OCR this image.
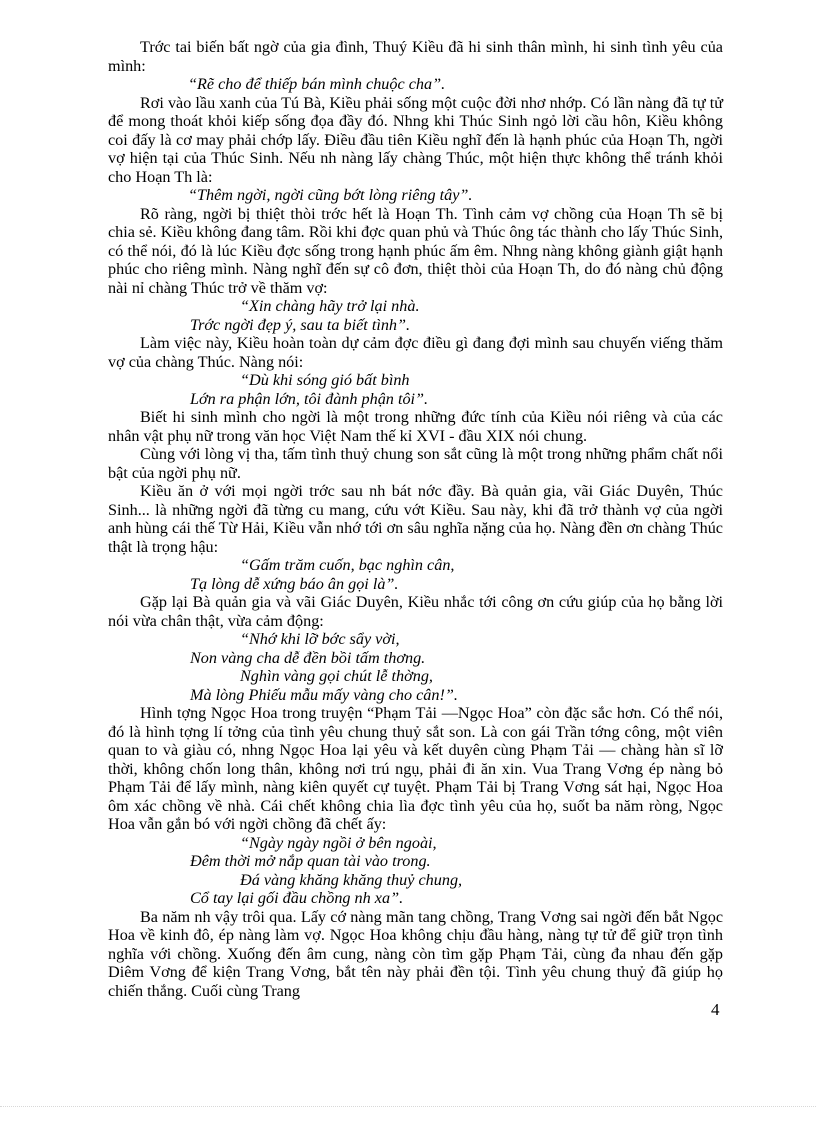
Trớc tai biến bất ngờ của gia đình, Thuý Kiều đã hi sinh thân mình, hi sinh tình yêu của mình:

“Rẽ cho để thiếp bán mình chuộc cha”.

Rơi vào lầu xanh của Tú Bà, Kiều phải sống một cuộc đời nhơ nhớp. Có lần nàng đã tự tử để mong thoát khỏi kiếp sống đọa đầy đó. Nhng khi Thúc Sinh ngỏ lời cầu hôn, Kiều không coi đấy là cơ may phải chớp lấy. Điều đầu tiên Kiều nghĩ đến là hạnh phúc của Hoạn Th, ngời vợ hiện tại của Thúc Sinh. Nếu nh nàng lấy chàng Thúc, một hiện thực không thể tránh khỏi cho Hoạn Th là:

“Thêm ngời, ngời cũng bớt lòng riêng tây”.

Rõ ràng, ngời bị thiệt thòi trớc hết là Hoạn Th. Tình cảm vợ chồng của Hoạn Th sẽ bị chia sẻ. Kiều không đang tâm. Rồi khi đợc quan phủ và Thúc ông tác thành cho lấy Thúc Sinh, có thể nói, đó là lúc Kiều đợc sống trong hạnh phúc ấm êm. Nhng nàng không giành giật hạnh phúc cho riêng mình. Nàng nghĩ đến sự cô đơn, thiệt thòi của Hoạn Th, do đó nàng chủ động nài nỉ chàng Thúc trở về thăm vợ:

“Xin chàng hãy trở lại nhà.

Trớc ngời đẹp ý, sau ta biết tình”.

Làm việc này, Kiều hoàn toàn dự cảm đợc điều gì đang đợi mình sau chuyến viếng thăm vợ của chàng Thúc. Nàng nói:

“Dù khi sóng gió bất bình

Lớn ra phận lớn, tôi đành phận tôi”.

Biết hi sinh mình cho ngời là một trong những đức tính của Kiều nói riêng và của các nhân vật phụ nữ trong văn học Việt Nam thế kỉ XVI - đầu XIX nói chung.

Cùng với lòng vị tha, tấm tình thuỷ chung son sắt cũng là một trong những phẩm chất nổi bật của ngời phụ nữ.

Kiều ăn ở với mọi ngời trớc sau nh bát nớc đầy. Bà quản gia, vãi Giác Duyên, Thúc Sinh... là những ngời đã từng cu mang, cứu vớt Kiều. Sau này, khi đã trở thành vợ của ngời anh hùng cái thế Từ Hải, Kiều vẫn nhớ tới ơn sâu nghĩa nặng của họ. Nàng đền ơn chàng Thúc thật là trọng hậu:

“Gấm trăm cuốn, bạc nghìn cân,

Tạ lòng dễ xứng báo ân gọi là”.

Gặp lại Bà quản gia và vãi Giác Duyên, Kiều nhắc tới công ơn cứu giúp của họ bằng lời nói vừa chân thật, vừa cảm động:

“Nhớ khi lỡ bớc sẩy vời,

Non vàng cha dễ đền bồi tấm thơng.

Nghìn vàng gọi chút lễ thờng,

Mà lòng Phiếu mẫu mấy vàng cho cân!”.

Hình tợng Ngọc Hoa trong truyện “Phạm Tải —Ngọc Hoa” còn đặc sắc hơn. Có thể nói, đó là hình tợng lí tởng của tình yêu chung thuỷ sắt son. Là con gái Trần tớng công, một viên quan to và giàu có, nhng Ngọc Hoa lại yêu và kết duyên cùng Phạm Tải — chàng hàn sĩ lỡ thời, không chốn long thân, không nơi trú ngụ, phải đi ăn xin. Vua Trang Vơng ép nàng bỏ Phạm Tải để lấy mình, nàng kiên quyết cự tuyệt. Phạm Tải bị Trang Vơng sát hại, Ngọc Hoa ôm xác chồng về nhà. Cái chết không chia lìa đợc tình yêu của họ, suốt ba năm ròng, Ngọc Hoa vẫn gắn bó với ngời chồng đã chết ấy:

“Ngày ngày ngồi ở bên ngoài,

Đêm thời mở nắp quan tài vào trong.

Đá vàng khăng khăng thuỷ chung,

Cổ tay lại gối đầu chồng nh xa”.

Ba năm nh vậy trôi qua. Lấy cớ nàng mãn tang chồng, Trang Vơng sai ngời đến bắt Ngọc Hoa về kinh đô, ép nàng làm vợ. Ngọc Hoa không chịu đầu hàng, nàng tự tử để giữ trọn tình nghĩa với chồng. Xuống đến âm cung, nàng còn tìm gặp Phạm Tải, cùng đa nhau đến gặp Diêm Vơng để kiện Trang Vơng, bắt tên này phải đền tội. Tình yêu chung thuỷ đã giúp họ chiến thắng. Cuối cùng Trang

4
